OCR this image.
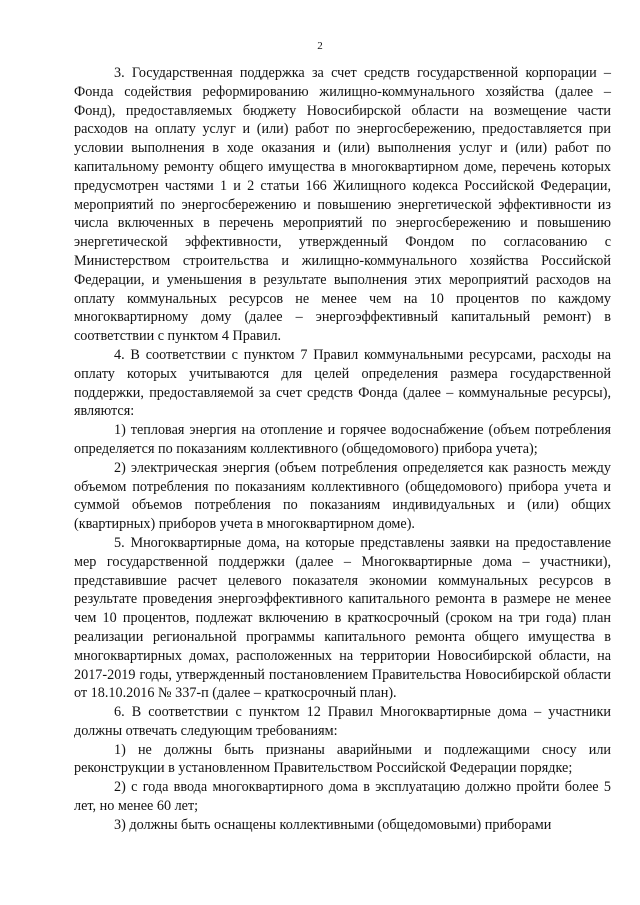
2

3. Государственная поддержка за счет средств государственной корпорации – Фонда содействия реформированию жилищно-коммунального хозяйства (далее – Фонд), предоставляемых бюджету Новосибирской области на возмещение части расходов на оплату услуг и (или) работ по энергосбережению, предоставляется при условии выполнения в ходе оказания и (или) выполнения услуг и (или) работ по капитальному ремонту общего имущества в многоквартирном доме, перечень которых предусмотрен частями 1 и 2 статьи 166 Жилищного кодекса Российской Федерации, мероприятий по энергосбережению и повышению энергетической эффективности из числа включенных в перечень мероприятий по энергосбережению и повышению энергетической эффективности, утвержденный Фондом по согласованию с Министерством строительства и жилищно-коммунального хозяйства Российской Федерации, и уменьшения в результате выполнения этих мероприятий расходов на оплату коммунальных ресурсов не менее чем на 10 процентов по каждому многоквартирному дому (далее – энергоэффективный капитальный ремонт) в соответствии с пунктом 4 Правил.

4. В соответствии с пунктом 7 Правил коммунальными ресурсами, расходы на оплату которых учитываются для целей определения размера государственной поддержки, предоставляемой за счет средств Фонда (далее – коммунальные ресурсы), являются:

1) тепловая энергия на отопление и горячее водоснабжение (объем потребления определяется по показаниям коллективного (общедомового) прибора учета);

2) электрическая энергия (объем потребления определяется как разность между объемом потребления по показаниям коллективного (общедомового) прибора учета и суммой объемов потребления по показаниям индивидуальных и (или) общих (квартирных) приборов учета в многоквартирном доме).

5. Многоквартирные дома, на которые представлены заявки на предоставление мер государственной поддержки (далее – Многоквартирные дома – участники), представившие расчет целевого показателя экономии коммунальных ресурсов в результате проведения энергоэффективного капитального ремонта в размере не менее чем 10 процентов, подлежат включению в краткосрочный (сроком на три года) план реализации региональной программы капитального ремонта общего имущества в многоквартирных домах, расположенных на территории Новосибирской области, на 2017-2019 годы, утвержденный постановлением Правительства Новосибирской области от 18.10.2016 № 337-п (далее – краткосрочный план).

6. В соответствии с пунктом 12 Правил Многоквартирные дома – участники должны отвечать следующим требованиям:

1) не должны быть признаны аварийными и подлежащими сносу или реконструкции в установленном Правительством Российской Федерации порядке;

2) с года ввода многоквартирного дома в эксплуатацию должно пройти более 5 лет, но менее 60 лет;

3) должны быть оснащены коллективными (общедомовыми) приборами
